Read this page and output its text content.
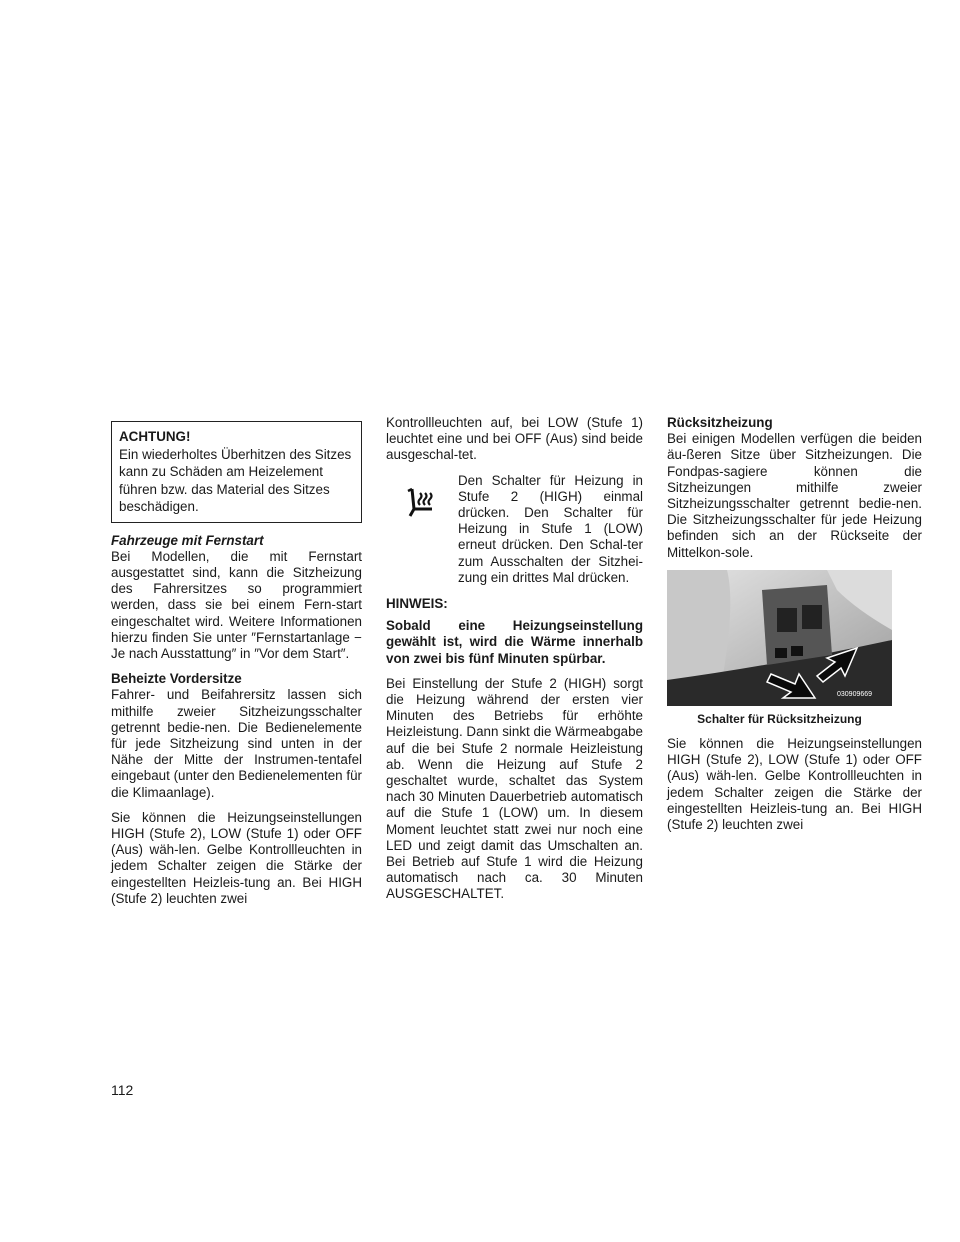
ACHTUNG!
Ein wiederholtes Überhitzen des Sitzes kann zu Schäden am Heizelement führen bzw. das Material des Sitzes beschädigen.
Fahrzeuge mit Fernstart

Bei Modellen, die mit Fernstart ausgestattet sind, kann die Sitzheizung des Fahrersitzes so programmiert werden, dass sie bei einem Fern-start eingeschaltet wird. Weitere Informationen hierzu finden Sie unter ″Fernstartanlage − Je nach Ausstattung″ in ″Vor dem Start″.

Beheizte Vordersitze

Fahrer- und Beifahrersitz lassen sich mithilfe zweier Sitzheizungsschalter getrennt bedie-nen. Die Bedienelemente für jede Sitzheizung sind unten in der Nähe der Mitte der Instrumen-tentafel eingebaut (unter den Bedienelementen für die Klimaanlage).

Sie können die Heizungseinstellungen HIGH (Stufe 2), LOW (Stufe 1) oder OFF (Aus) wäh-len. Gelbe Kontrollleuchten in jedem Schalter zeigen die Stärke der eingestellten Heizleis-tung an. Bei HIGH (Stufe 2) leuchten zwei

Kontrollleuchten auf, bei LOW (Stufe 1) leuchtet eine und bei OFF (Aus) sind beide ausgeschal-tet.

Den Schalter für Heizung in Stufe 2 (HIGH) einmal drücken. Den Schalter für Heizung in Stufe 1 (LOW) erneut drücken. Den Schal-ter zum Ausschalten der Sitzhei-zung ein drittes Mal drücken.

HINWEIS:

Sobald eine Heizungseinstellung gewählt ist, wird die Wärme innerhalb von zwei bis fünf Minuten spürbar.

Bei Einstellung der Stufe 2 (HIGH) sorgt die Heizung während der ersten vier Minuten des Betriebs für erhöhte Heizleistung. Dann sinkt die Wärmeabgabe auf die bei Stufe 2 normale Heizleistung ab. Wenn die Heizung auf Stufe 2 geschaltet wurde, schaltet das System nach 30 Minuten Dauerbetrieb automatisch auf die Stufe 1 (LOW) um. In diesem Moment leuchtet statt zwei nur noch eine LED und zeigt damit das Umschalten an. Bei Betrieb auf Stufe 1 wird die Heizung automatisch nach ca. 30 Minuten AUSGESCHALTET.

Rücksitzheizung

Bei einigen Modellen verfügen die beiden äu-ßeren Sitze über Sitzheizungen. Die Fondpas-sagiere können die Sitzheizungen mithilfe zweier Sitzheizungsschalter getrennt bedie-nen. Die Sitzheizungsschalter für jede Heizung befinden sich an der Rückseite der Mittelkon-sole.

030909669
Schalter für Rücksitzheizung

Sie können die Heizungseinstellungen HIGH (Stufe 2), LOW (Stufe 1) oder OFF (Aus) wäh-len. Gelbe Kontrollleuchten in jedem Schalter zeigen die Stärke der eingestellten Heizleis-tung an. Bei HIGH (Stufe 2) leuchten zwei

112
